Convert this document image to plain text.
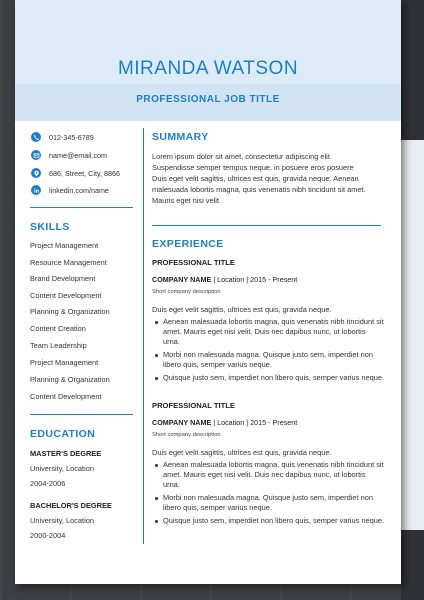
MIRANDA WATSON
PROFESSIONAL JOB TITLE
012-345-6789
name@email.com
686, Street, City, 8866
linkedin.com/name
SKILLS
Project Management
Resource Management
Brand Development
Content Development
Planning & Organization
Content Creation
Team Leadership
Project Management
Planning & Organization
Content Development
EDUCATION
MASTER'S DEGREE
University, Location
2004-2006
BACHELOR'S DEGREE
University, Location
2000-2004
SUMMARY
Lorem ipsum dolor sit amet, consectetur adipiscing elit.
Suspendisse semper tempus neque, in posuere eros posuere
Duis eget velit sagittis, ultrices est quis, gravida neque. Aenean
malesuada lobortis magna, quis venenatis nibh tincidunt sit amet.
Mauris eget nisi velit.
EXPERIENCE
PROFESSIONAL TITLE
COMPANY NAME | Location | 2015 - Present
Short company description
Duis eget velit sagittis, ultrices est quis, gravida neque.
Aenean malesuada lobortis magna, quis venenatis nibh tincidunt sit amet. Mauris eget nisi velit. Duis nec dapibus nunc, ut lobortis urna.
Morbi non malesuada magna. Quisque justo sem, imperdiet non libero quis, semper varius neque.
Quisque justo sem, imperdiet non libero quis, semper varius neque.
PROFESSIONAL TITLE
COMPANY NAME | Location | 2015 - Present
Short company description
Duis eget velit sagittis, ultrices est quis, gravida neque.
Aenean malesuada lobortis magna, quis venenatis nibh tincidunt sit amet. Mauris eget nisi velit. Duis nec dapibus nunc, ut lobortis urna.
Morbi non malesuada magna. Quisque justo sem, imperdiet non libero quis, semper varius neque.
Quisque justo sem, imperdiet non libero quis, semper varius neque.
